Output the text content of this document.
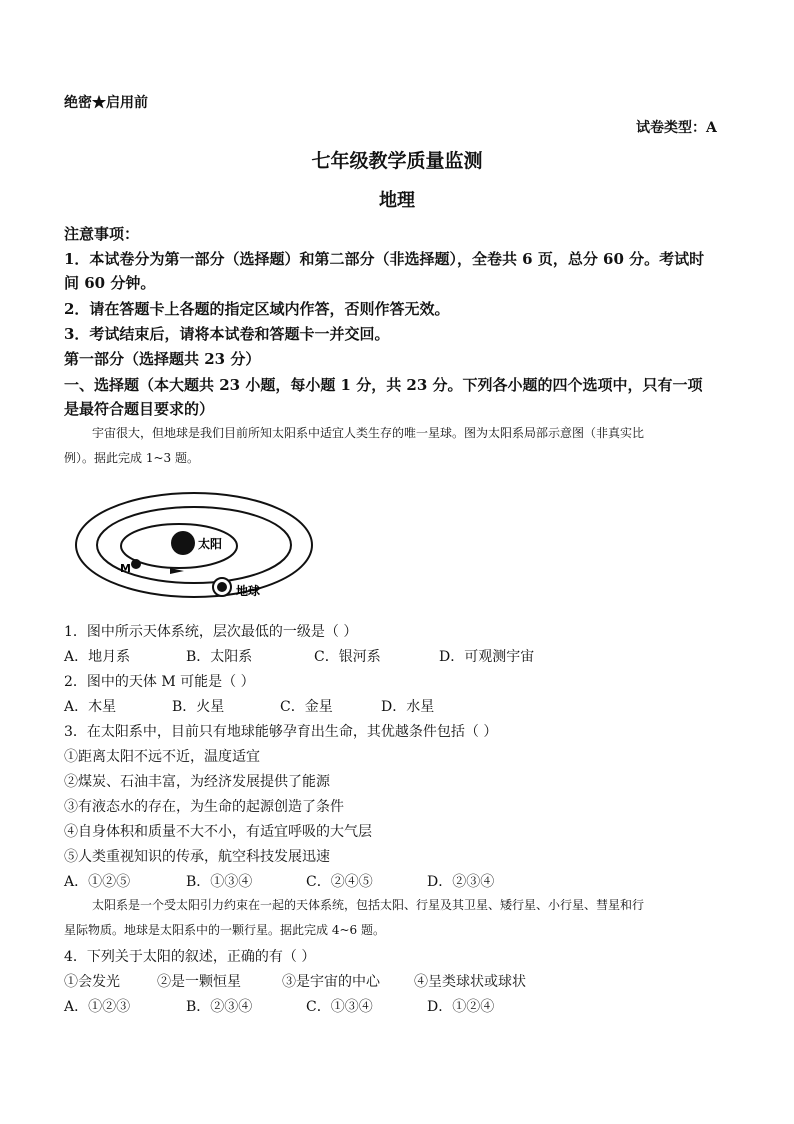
绝密★启用前
试卷类型：A
七年级教学质量监测
地理
注意事项：
1．本试卷分为第一部分（选择题）和第二部分（非选择题），全卷共 6 页，总分 60 分。考试时
间 60 分钟。
2．请在答题卡上各题的指定区域内作答，否则作答无效。
3．考试结束后，请将本试卷和答题卡一并交回。
第一部分（选择题共 23 分）
一、选择题（本大题共 23 小题，每小题 1 分，共 23 分。下列各小题的四个选项中，只有一项
是最符合题目要求的）
宇宙很大，但地球是我们目前所知太阳系中适宜人类生存的唯一星球。图为太阳系局部示意图（非真实比
例）。据此完成 1~3 题。
太阳
M
地球
1．图中所示天体系统，层次最低的一级是（ ）
A．地月系	B．太阳系	C．银河系	D．可观测宇宙
2．图中的天体 M 可能是（ ）
A．木星	B．火星	C．金星	D．水星
3．在太阳系中，目前只有地球能够孕育出生命，其优越条件包括（ ）
①距离太阳不远不近，温度适宜
②煤炭、石油丰富，为经济发展提供了能源
③有液态水的存在，为生命的起源创造了条件
④自身体积和质量不大不小，有适宜呼吸的大气层
⑤人类重视知识的传承，航空科技发展迅速
A．①②⑤	B．①③④	C．②④⑤	D．②③④
太阳系是一个受太阳引力约束在一起的天体系统，包括太阳、行星及其卫星、矮行星、小行星、彗星和行
星际物质。地球是太阳系中的一颗行星。据此完成 4~6 题。
4．下列关于太阳的叙述，正确的有（ ）
①会发光	②是一颗恒星	③是宇宙的中心 ④呈类球状或球状
A．①②③	B．②③④	C．①③④	D．①②④
